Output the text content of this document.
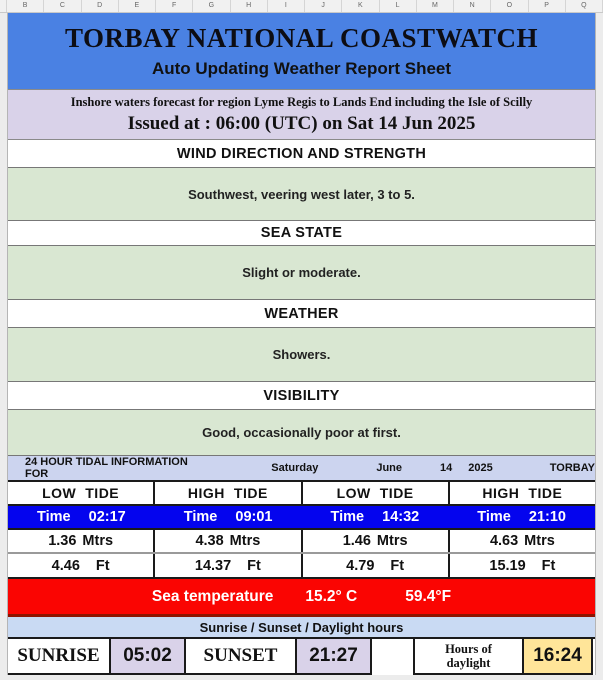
B	C	D	E	F	G	H	I	J	K	L	M	N	O	P	Q
TORBAY NATIONAL COASTWATCH
Auto Updating Weather Report Sheet
Inshore waters forecast for region Lyme Regis to Lands End including the Isle of Scilly
Issued at : 06:00 (UTC) on Sat 14 Jun 2025
WIND DIRECTION AND STRENGTH
Southwest, veering west later, 3 to 5.
SEA STATE
Slight or moderate.
WEATHER
Showers.
VISIBILITY
Good, occasionally poor at first.
24 HOUR TIDAL INFORMATION FOR	Saturday	June	14 2025	TORBAY
LOW TIDE	HIGH TIDE	LOW TIDE	HIGH TIDE
Time 02:17	Time 09:01	Time 14:32	Time 21:10
1.36 Mtrs	4.38 Mtrs	1.46 Mtrs	4.63 Mtrs
4.46 Ft	14.37 Ft	4.79 Ft	15.19 Ft
Sea temperature 15.2° C	59.4°F
Sunrise / Sunset / Daylight hours
SUNRISE	05:02	SUNSET	21:27	Hours of daylight	16:24
